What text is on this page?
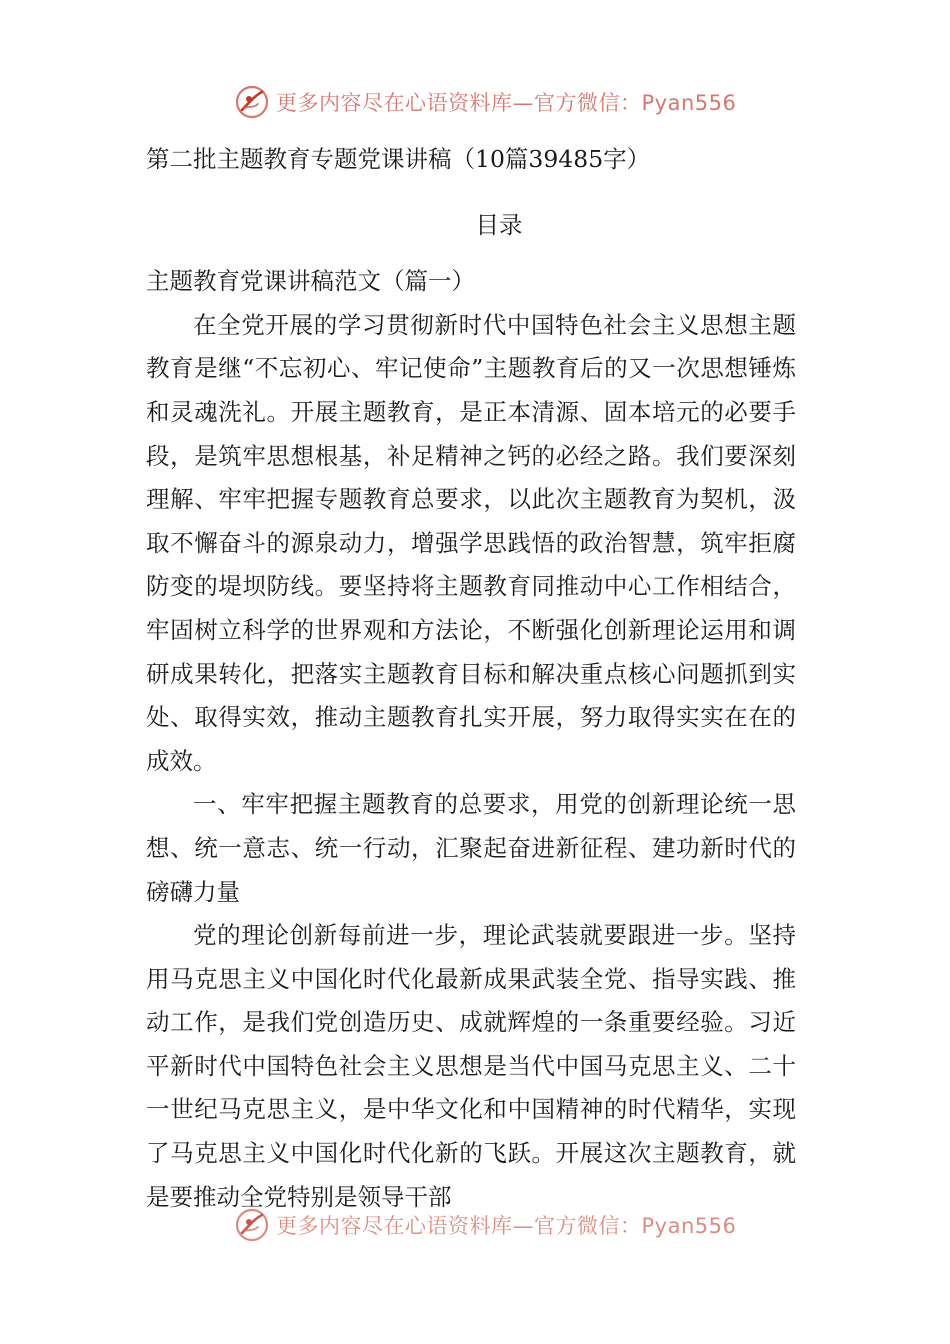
更多内容尽在心语资料库—官方微信：Pyan556

第二批主题教育专题党课讲稿（10篇39485字）

目录

主题教育党课讲稿范文（篇一）

在全党开展的学习贯彻新时代中国特色社会主义思想主题教育是继“不忘初心、牢记使命”主题教育后的又一次思想锤炼和灵魂洗礼。开展主题教育，是正本清源、固本培元的必要手段，是筑牢思想根基，补足精神之钙的必经之路。我们要深刻理解、牢牢把握专题教育总要求，以此次主题教育为契机，汲取不懈奋斗的源泉动力，增强学思践悟的政治智慧，筑牢拒腐防变的堤坝防线。要坚持将主题教育同推动中心工作相结合，牢固树立科学的世界观和方法论，不断强化创新理论运用和调研成果转化，把落实主题教育目标和解决重点核心问题抓到实处、取得实效，推动主题教育扎实开展，努力取得实实在在的成效。

一、牢牢把握主题教育的总要求，用党的创新理论统一思想、统一意志、统一行动，汇聚起奋进新征程、建功新时代的磅礴力量

党的理论创新每前进一步，理论武装就要跟进一步。坚持用马克思主义中国化时代化最新成果武装全党、指导实践、推动工作，是我们党创造历史、成就辉煌的一条重要经验。习近平新时代中国特色社会主义思想是当代中国马克思主义、二十一世纪马克思主义，是中华文化和中国精神的时代精华，实现了马克思主义中国化时代化新的飞跃。开展这次主题教育，就是要推动全党特别是领导干部

更多内容尽在心语资料库—官方微信：Pyan556
